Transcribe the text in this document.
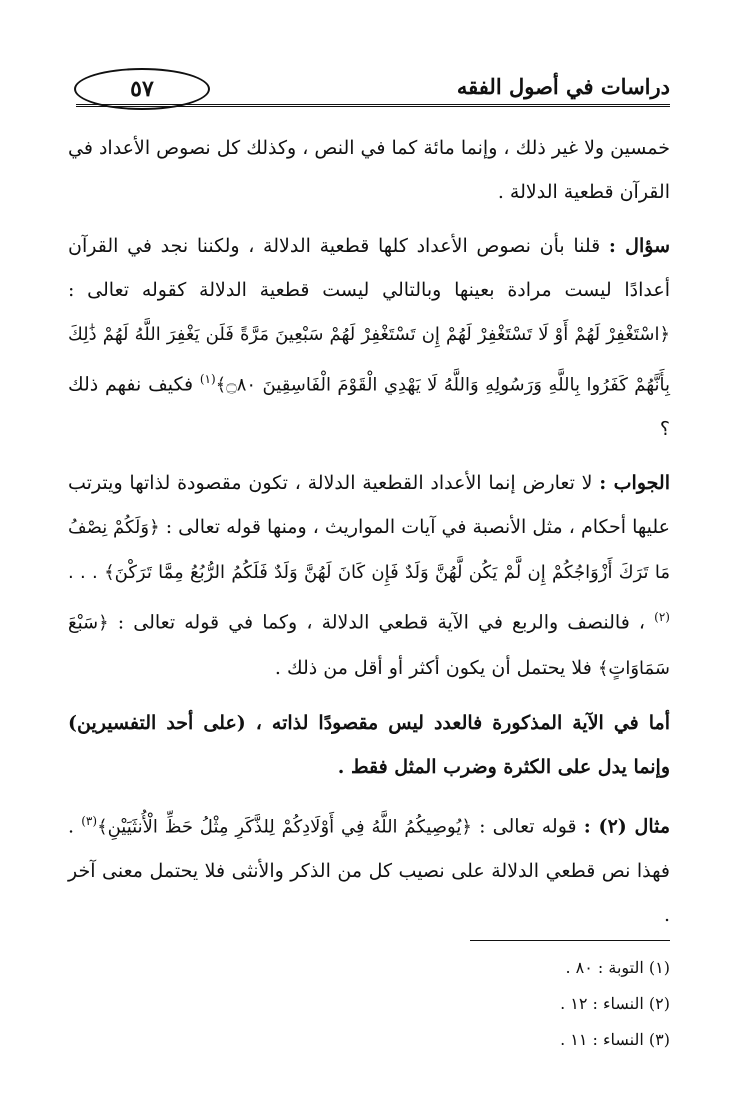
دراسات في أصول الفقه
٥٧

خمسين ولا غير ذلك ، وإنما مائة كما في النص ، وكذلك كل نصوص الأعداد في القرآن قطعية الدلالة .

سؤال : قلنا بأن نصوص الأعداد كلها قطعية الدلالة ، ولكننا نجد في القرآن أعدادًا ليست مرادة بعينها وبالتالي ليست قطعية الدلالة كقوله تعالى : ﴿اسْتَغْفِرْ لَهُمْ أَوْ لَا تَسْتَغْفِرْ لَهُمْ إِن تَسْتَغْفِرْ لَهُمْ سَبْعِينَ مَرَّةً فَلَن يَغْفِرَ اللَّهُ لَهُمْ ذَٰلِكَ بِأَنَّهُمْ كَفَرُوا بِاللَّهِ وَرَسُولِهِ وَاللَّهُ لَا يَهْدِي الْقَوْمَ الْفَاسِقِينَ ۝٨٠﴾$^{(١)}$ فكيف نفهم ذلك ؟

الجواب : لا تعارض إنما الأعداد القطعية الدلالة ، تكون مقصودة لذاتها ويترتب عليها أحكام ، مثل الأنصبة في آيات المواريث ، ومنها قوله تعالى : ﴿وَلَكُمْ نِصْفُ مَا تَرَكَ أَزْوَاجُكُمْ إِن لَّمْ يَكُن لَّهُنَّ وَلَدٌ فَإِن كَانَ لَهُنَّ وَلَدٌ فَلَكُمُ الرُّبُعُ مِمَّا تَرَكْنَ﴾ . . .$^{(٢)}$ ، فالنصف والربع في الآية قطعي الدلالة ، وكما في قوله تعالى : ﴿سَبْعَ سَمَاوَاتٍ﴾ فلا يحتمل أن يكون أكثر أو أقل من ذلك .

أما في الآية المذكورة فالعدد ليس مقصودًا لذاته ، (على أحد التفسيرين) وإنما يدل على الكثرة وضرب المثل فقط .

مثال (٢) : قوله تعالى : ﴿يُوصِيكُمُ اللَّهُ فِي أَوْلَادِكُمْ لِلذَّكَرِ مِثْلُ حَظِّ الْأُنثَيَيْنِ﴾$^{(٣)}$ . فهذا نص قطعي الدلالة على نصيب كل من الذكر والأنثى فلا يحتمل معنى آخر .

(١) التوبة : ٨٠ .

(٢) النساء : ١٢ .

(٣) النساء : ١١ .
